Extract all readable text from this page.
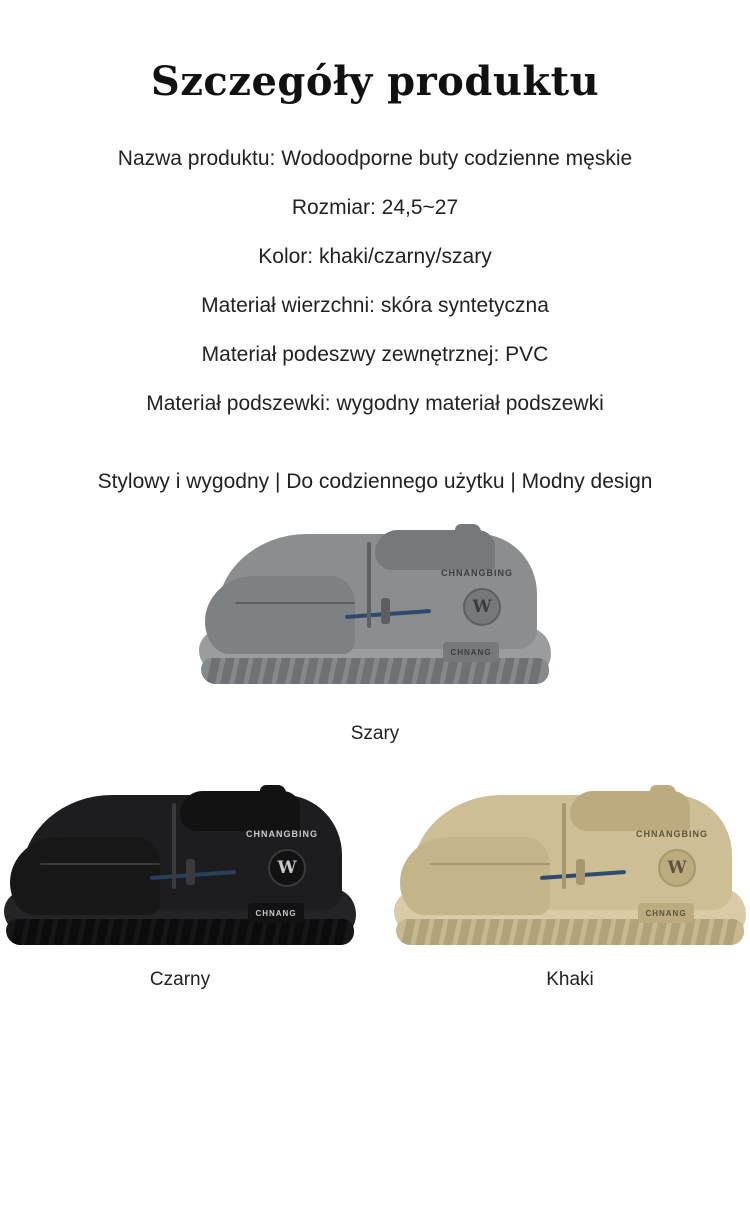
Szczegóły produktu

Nazwa produktu: Wodoodporne buty codzienne męskie

Rozmiar: 24,5~27

Kolor: khaki/czarny/szary

Materiał wierzchni: skóra syntetyczna

Materiał podeszwy zewnętrznej: PVC

Materiał podszewki: wygodny materiał podszewki

Stylowy i wygodny | Do codziennego użytku | Modny design
W
CHNANGBING
CHNANG
Szary
W
CHNANGBING
CHNANG
Czarny
W
CHNANGBING
CHNANG
Khaki
